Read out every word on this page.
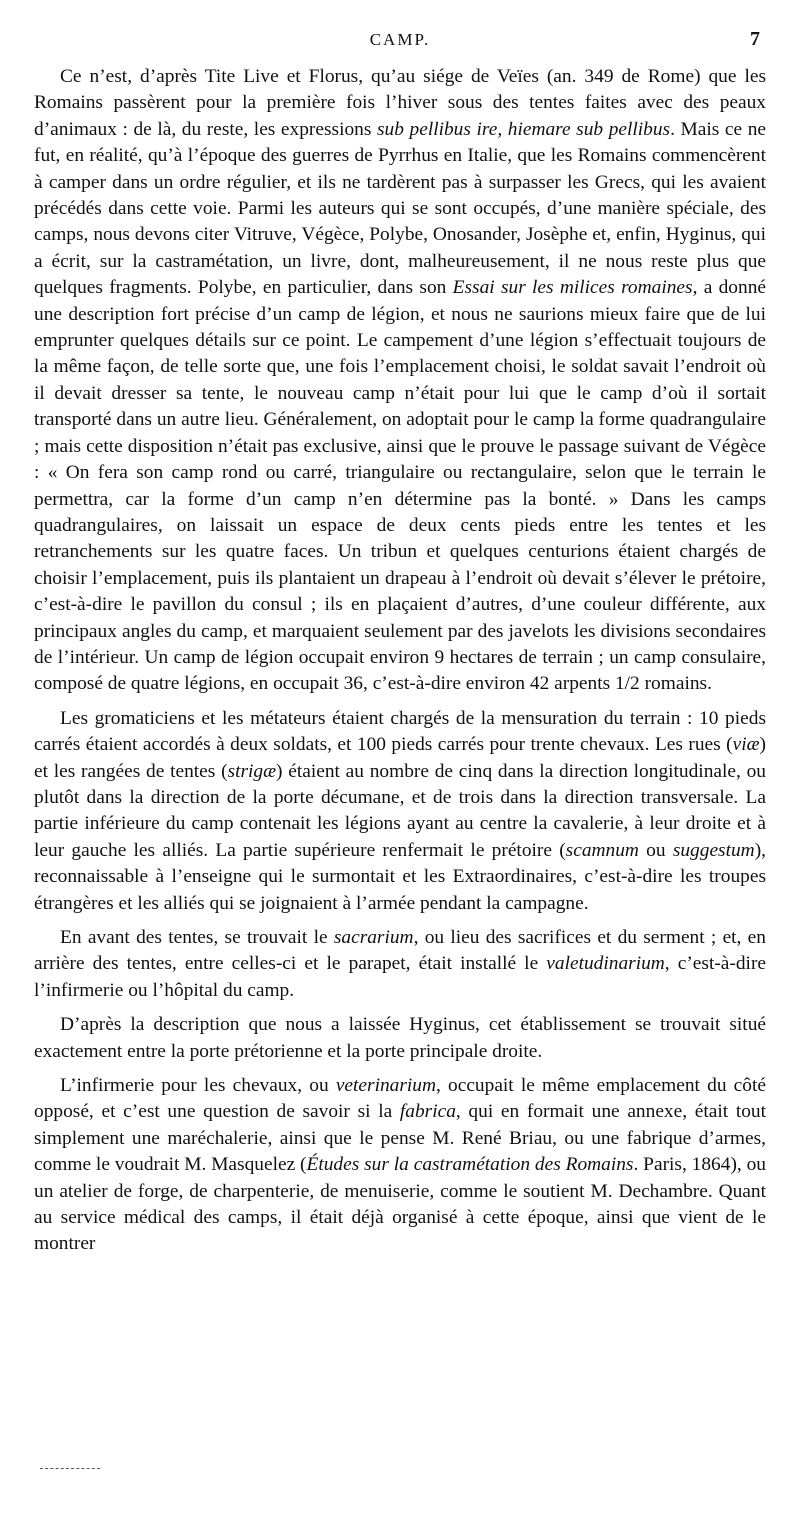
CAMP.	7

Ce n’est, d’après Tite Live et Florus, qu’au siége de Veïes (an. 349 de Rome) que les Romains passèrent pour la première fois l’hiver sous des tentes faites avec des peaux d’animaux : de là, du reste, les expressions sub pellibus ire, hiemare sub pellibus. Mais ce ne fut, en réalité, qu’à l’époque des guerres de Pyrrhus en Italie, que les Romains commencèrent à camper dans un ordre régulier, et ils ne tardèrent pas à surpasser les Grecs, qui les avaient précédés dans cette voie. Parmi les auteurs qui se sont occupés, d’une manière spéciale, des camps, nous devons citer Vitruve, Végèce, Polybe, Onosander, Josèphe et, enfin, Hyginus, qui a écrit, sur la castramétation, un livre, dont, malheureusement, il ne nous reste plus que quelques fragments. Polybe, en particulier, dans son Essai sur les milices romaines, a donné une description fort précise d’un camp de légion, et nous ne saurions mieux faire que de lui emprunter quelques détails sur ce point. Le campement d’une légion s’effectuait toujours de la même façon, de telle sorte que, une fois l’emplacement choisi, le soldat savait l’endroit où il devait dresser sa tente, le nouveau camp n’était pour lui que le camp d’où il sortait transporté dans un autre lieu. Généralement, on adoptait pour le camp la forme quadrangulaire ; mais cette disposition n’était pas exclusive, ainsi que le prouve le passage suivant de Végèce : « On fera son camp rond ou carré, triangulaire ou rectangulaire, selon que le terrain le permettra, car la forme d’un camp n’en détermine pas la bonté. » Dans les camps quadrangulaires, on laissait un espace de deux cents pieds entre les tentes et les retranchements sur les quatre faces. Un tribun et quelques centurions étaient chargés de choisir l’emplacement, puis ils plantaient un drapeau à l’endroit où devait s’élever le prétoire, c’est-à-dire le pavillon du consul ; ils en plaçaient d’autres, d’une couleur différente, aux principaux angles du camp, et marquaient seulement par des javelots les divisions secondaires de l’intérieur. Un camp de légion occupait environ 9 hectares de terrain ; un camp consulaire, composé de quatre légions, en occupait 36, c’est-à-dire environ 42 arpents 1/2 romains.

Les gromaticiens et les métateurs étaient chargés de la mensuration du terrain : 10 pieds carrés étaient accordés à deux soldats, et 100 pieds carrés pour trente chevaux. Les rues (viæ) et les rangées de tentes (strigæ) étaient au nombre de cinq dans la direction longitudinale, ou plutôt dans la direction de la porte décumane, et de trois dans la direction transversale. La partie inférieure du camp contenait les légions ayant au centre la cavalerie, à leur droite et à leur gauche les alliés. La partie supérieure renfermait le prétoire (scamnum ou suggestum), reconnaissable à l’enseigne qui le surmontait et les Extraordinaires, c’est-à-dire les troupes étrangères et les alliés qui se joignaient à l’armée pendant la campagne.

En avant des tentes, se trouvait le sacrarium, ou lieu des sacrifices et du serment ; et, en arrière des tentes, entre celles-ci et le parapet, était installé le valetudinarium, c’est-à-dire l’infirmerie ou l’hôpital du camp.

D’après la description que nous a laissée Hyginus, cet établissement se trouvait situé exactement entre la porte prétorienne et la porte principale droite.

L’infirmerie pour les chevaux, ou veterinarium, occupait le même emplacement du côté opposé, et c’est une question de savoir si la fabrica, qui en formait une annexe, était tout simplement une maréchalerie, ainsi que le pense M. René Briau, ou une fabrique d’armes, comme le voudrait M. Masquelez (Études sur la castramétation des Romains. Paris, 1864), ou un atelier de forge, de charpenterie, de menuiserie, comme le soutient M. Dechambre. Quant au service médical des camps, il était déjà organisé à cette époque, ainsi que vient de le montrer
